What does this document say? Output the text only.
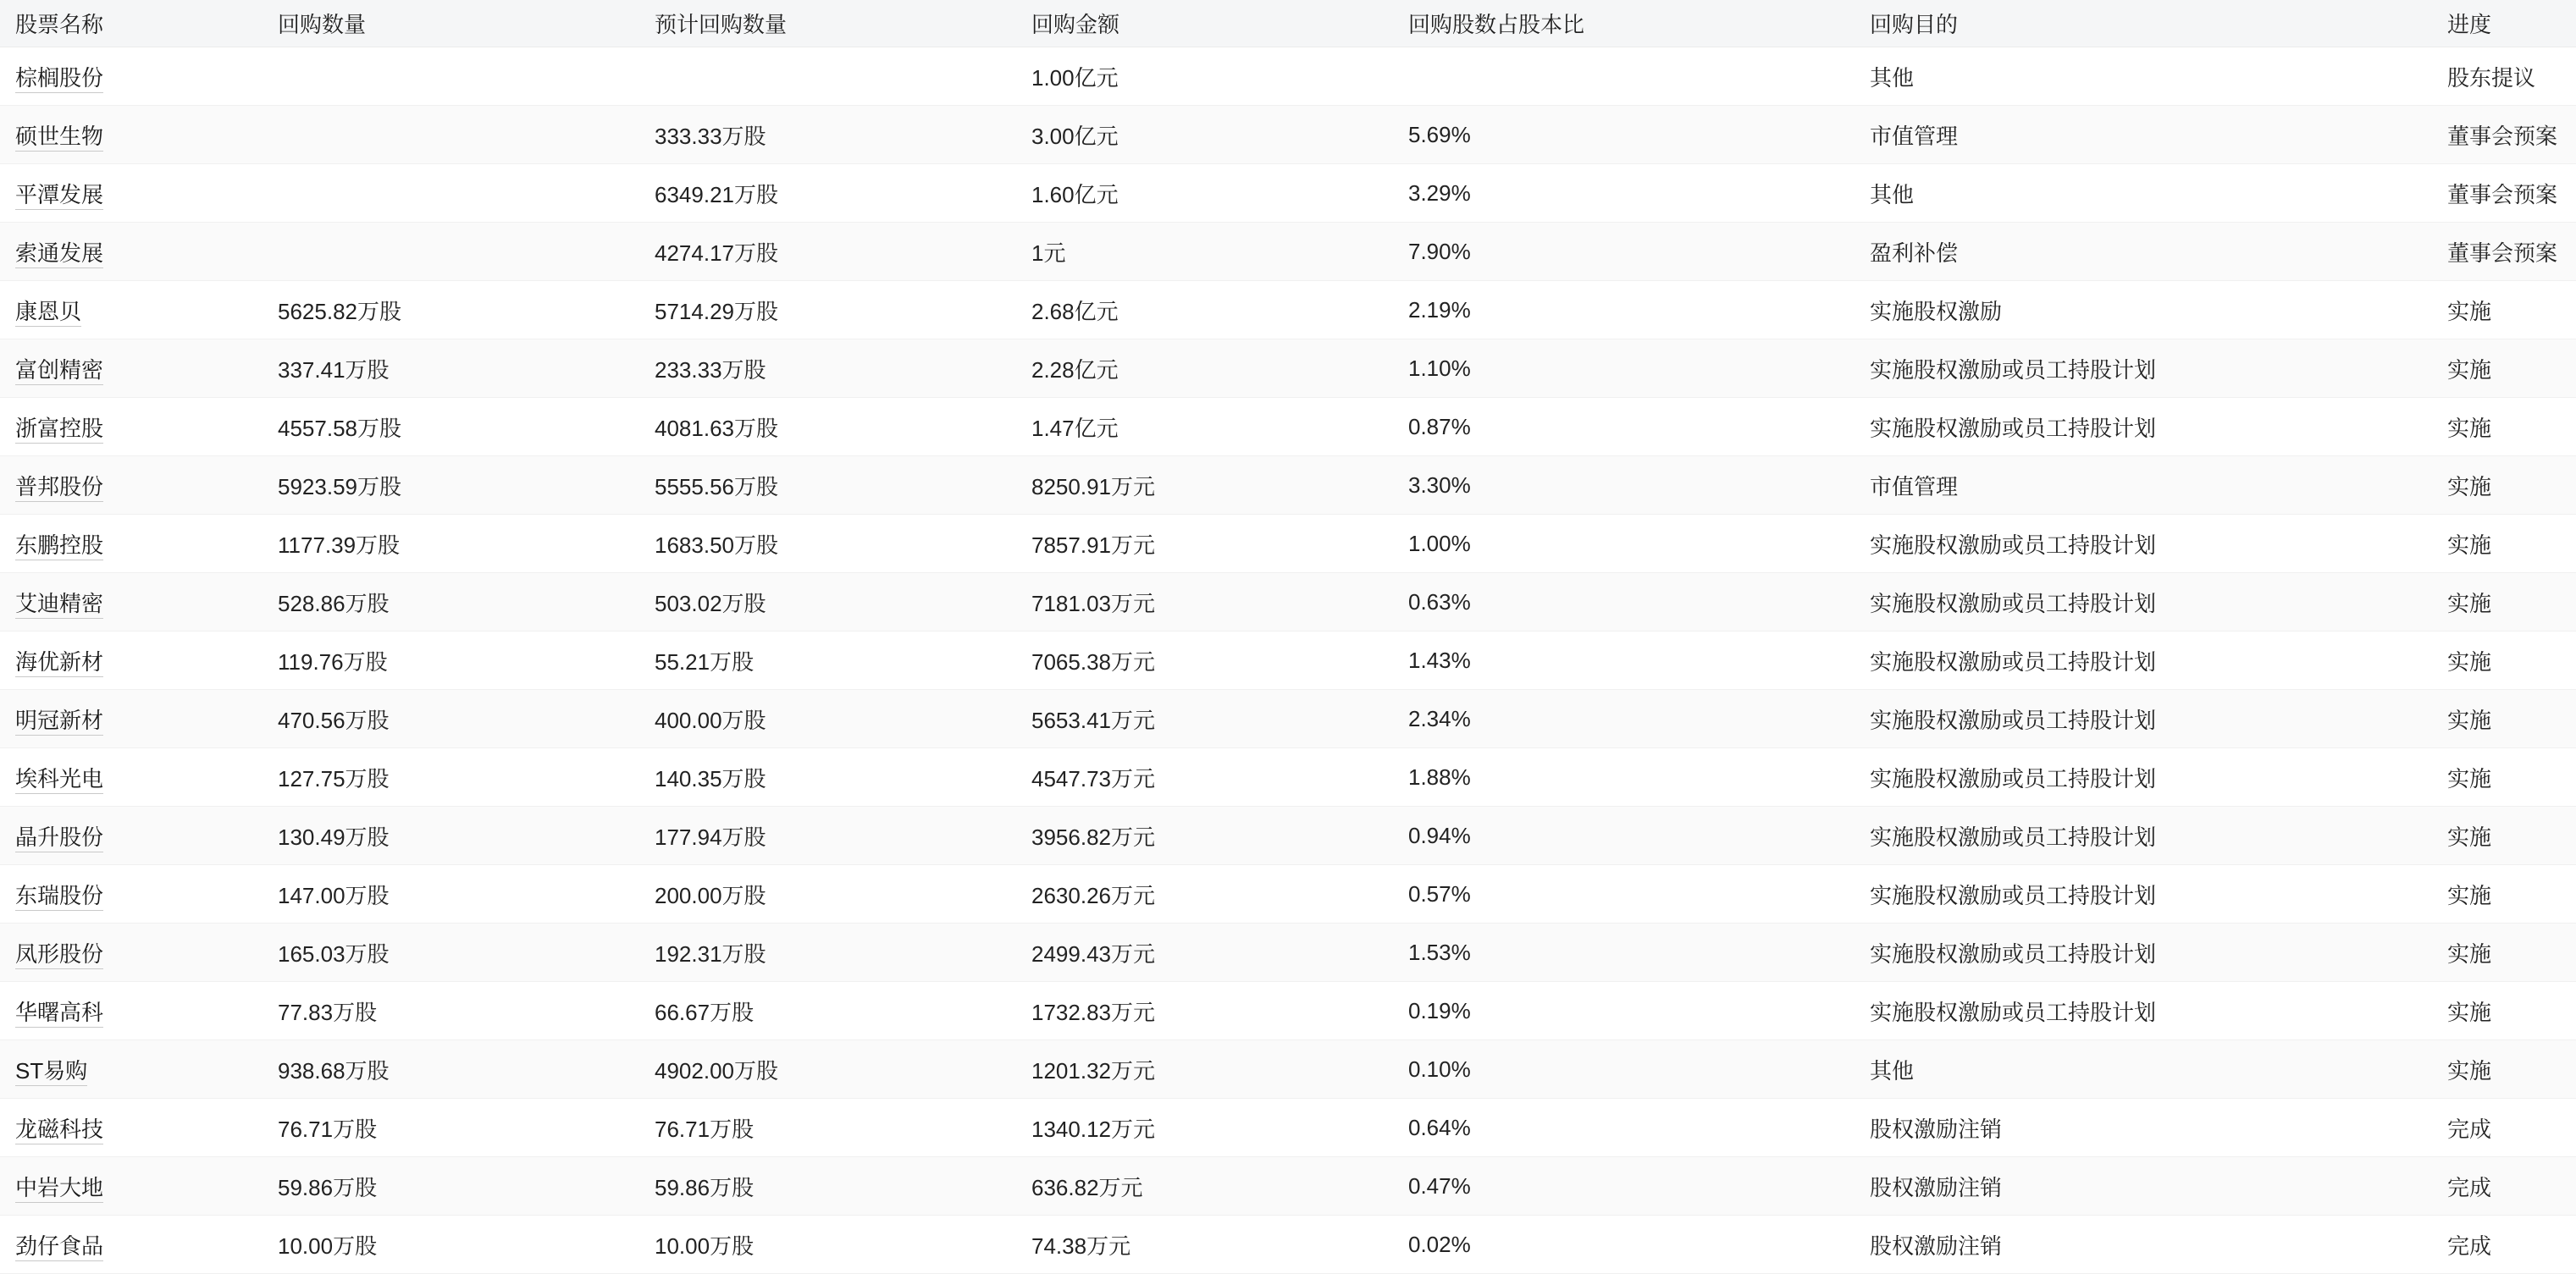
股票名称	回购数量	预计回购数量	回购金额	回购股数占股本比	回购目的	进度
棕榈股份			1.00亿元		其他	股东提议
硕世生物		333.33万股	3.00亿元	5.69%	市值管理	董事会预案
平潭发展		6349.21万股	1.60亿元	3.29%	其他	董事会预案
索通发展		4274.17万股	1元	7.90%	盈利补偿	董事会预案
康恩贝	5625.82万股	5714.29万股	2.68亿元	2.19%	实施股权激励	实施
富创精密	337.41万股	233.33万股	2.28亿元	1.10%	实施股权激励或员工持股计划	实施
浙富控股	4557.58万股	4081.63万股	1.47亿元	0.87%	实施股权激励或员工持股计划	实施
普邦股份	5923.59万股	5555.56万股	8250.91万元	3.30%	市值管理	实施
东鹏控股	1177.39万股	1683.50万股	7857.91万元	1.00%	实施股权激励或员工持股计划	实施
艾迪精密	528.86万股	503.02万股	7181.03万元	0.63%	实施股权激励或员工持股计划	实施
海优新材	119.76万股	55.21万股	7065.38万元	1.43%	实施股权激励或员工持股计划	实施
明冠新材	470.56万股	400.00万股	5653.41万元	2.34%	实施股权激励或员工持股计划	实施
埃科光电	127.75万股	140.35万股	4547.73万元	1.88%	实施股权激励或员工持股计划	实施
晶升股份	130.49万股	177.94万股	3956.82万元	0.94%	实施股权激励或员工持股计划	实施
东瑞股份	147.00万股	200.00万股	2630.26万元	0.57%	实施股权激励或员工持股计划	实施
凤形股份	165.03万股	192.31万股	2499.43万元	1.53%	实施股权激励或员工持股计划	实施
华曙高科	77.83万股	66.67万股	1732.83万元	0.19%	实施股权激励或员工持股计划	实施
ST易购	938.68万股	4902.00万股	1201.32万元	0.10%	其他	实施
龙磁科技	76.71万股	76.71万股	1340.12万元	0.64%	股权激励注销	完成
中岩大地	59.86万股	59.86万股	636.82万元	0.47%	股权激励注销	完成
劲仔食品	10.00万股	10.00万股	74.38万元	0.02%	股权激励注销	完成
